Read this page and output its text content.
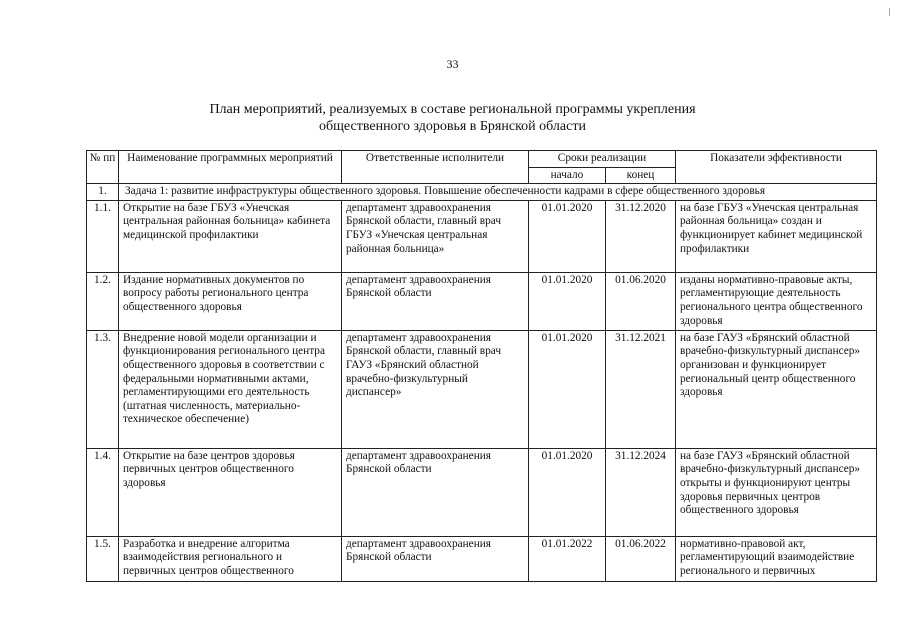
33
План мероприятий, реализуемых в составе региональной программы укрепления
общественного здоровья в Брянской области
№ пп	Наименование программных мероприятий	Ответственные исполнители	Сроки реализации		Показатели эффективности
			начало	конец	
1.	Задача 1: развитие инфраструктуры общественного здоровья. Повышение обеспеченности кадрами в сфере общественного здоровья				
1.1.	Открытие на базе ГБУЗ «Унечская центральная районная больница» кабинета медицинской профилактики	департамент здравоохранения Брянской области, главный врач ГБУЗ «Унечская центральная районная больница»	01.01.2020	31.12.2020	на базе ГБУЗ «Унечская центральная районная больница» создан и функционирует кабинет медицинской профилактики
1.2.	Издание нормативных документов по вопросу работы регионального центра общественного здоровья	департамент здравоохранения Брянской области	01.01.2020	01.06.2020	изданы нормативно-правовые акты, регламентирующие деятельность регионального центра общественного здоровья
1.3.	Внедрение новой модели организации и функционирования регионального центра общественного здоровья в соответствии с федеральными нормативными актами, регламентирующими его деятельность (штатная численность, материально- техническое обеспечение)	департамент здравоохранения Брянской области, главный врач ГАУЗ «Брянский областной врачебно-физкультурный диспансер»	01.01.2020	31.12.2021	на базе ГАУЗ «Брянский областной врачебно-физкультурный диспансер» организован и функционирует региональный центр общественного здоровья
1.4.	Открытие на базе центров здоровья первичных центров общественного здоровья	департамент здравоохранения Брянской области	01.01.2020	31.12.2024	на базе ГАУЗ «Брянский областной врачебно-физкультурный диспансер» открыты и функционируют центры здоровья первичных центров общественного здоровья
1.5.	Разработка и внедрение алгоритма взаимодействия регионального и первичных центров общественного	департамент здравоохранения Брянской области	01.01.2022	01.06.2022	нормативно-правовой акт, регламентирующий взаимодействие регионального и первичных
